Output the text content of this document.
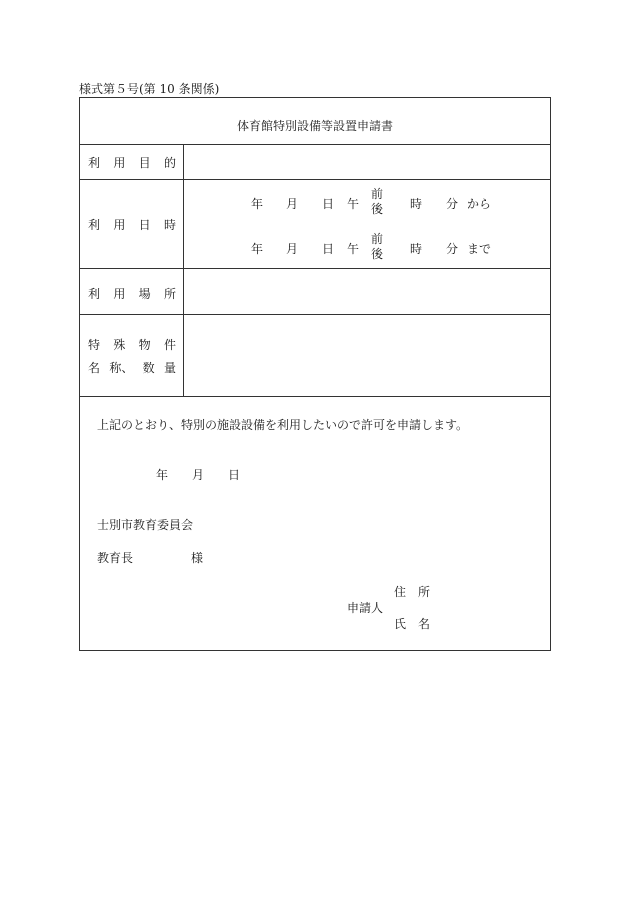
様式第５号(第 10 条関係)
体育館特別設備等設置申請書
利 用 目 的
利 用 日 時
年 月 日 午
前
後 時 分 から
年 月 日 午
前
後 時 分 まで
利 用 場 所
特 殊 物 件
名 称、 数 量
上記のとおり、特別の施設設備を利用したいので許可を申請します。
年 月 日
士別市教育委員会
教育長	様
住　所
申請人
氏　名
